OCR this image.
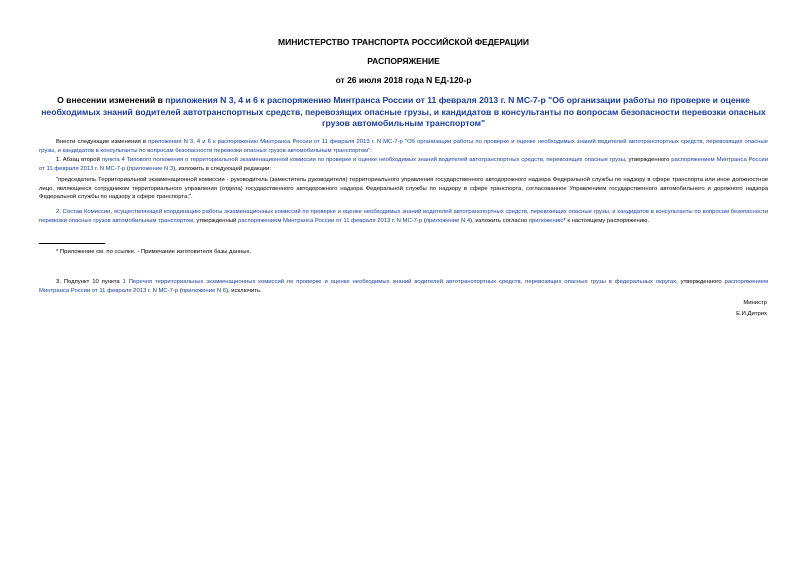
МИНИСТЕРСТВО ТРАНСПОРТА РОССИЙСКОЙ ФЕДЕРАЦИИ
РАСПОРЯЖЕНИЕ
от 26 июля 2018 года N ЕД-120-р
О внесении изменений в приложения N 3, 4 и 6 к распоряжению Минтранса России от 11 февраля 2013 г. N МС-7-р "Об организации работы по проверке и оценке необходимых знаний водителей автотранспортных средств, перевозящих опасные грузы, и кандидатов в консультанты по вопросам безопасности перевозки опасных грузов автомобильным транспортом"
Внести следующие изменения в приложения N 3, 4 и 6 к распоряжению Минтранса России от 11 февраля 2013 г. N МС-7-р "Об организации работы по проверке и оценке необходимых знаний водителей автотранспортных средств, перевозящих опасные грузы, и кандидатов в консультанты по вопросам безопасности перевозки опасных грузов автомобильным транспортом":
1. Абзац второй пункта 4 Типового положения о территориальной экзаменационной комиссии по проверке и оценке необходимых знаний водителей автотранспортных средств, перевозящих опасные грузы, утвержденного распоряжением Минтранса России от 11 февраля 2013 г. N МС-7-р (приложение N 3), изложить в следующей редакции:
"председатель Территориальной экзаменационной комиссии - руководитель (заместитель руководителя) территориального управления государственного автодорожного надзора Федеральной службы по надзору в сфере транспорта или иное должностное лицо, являющееся сотрудником территориального управления (отдела) государственного автодорожного надзора Федеральной службы по надзору в сфере транспорта, согласованное Управлением государственного автомобильного и дорожного надзора Федеральной службы по надзору в сфере транспорта;".
2. Состав Комиссии, осуществляющей координацию работы экзаменационных комиссий по проверке и оценке необходимых знаний водителей автотранспортных средств, перевозящих опасные грузы, и кандидатов в консультанты по вопросам безопасности перевозки опасных грузов автомобильным транспортом, утвержденный распоряжением Минтранса России от 11 февраля 2013 г. N МС-7-р (приложение N 4), изложить согласно приложению* к настоящему распоряжению.
* Приложение см. по ссылке. - Примечание изготовителя базы данных.
3. Подпункт 10 пункта 1 Перечня территориальных экзаменационных комиссий по проверке и оценке необходимых знаний водителей автотранспортных средств, перевозящих опасные грузы в федеральных округах, утвержденного распоряжением Минтранса России от 11 февраля 2013 г. N МС-7-р (приложение N 6), исключить.
Министр
Е.И.Дитрих
